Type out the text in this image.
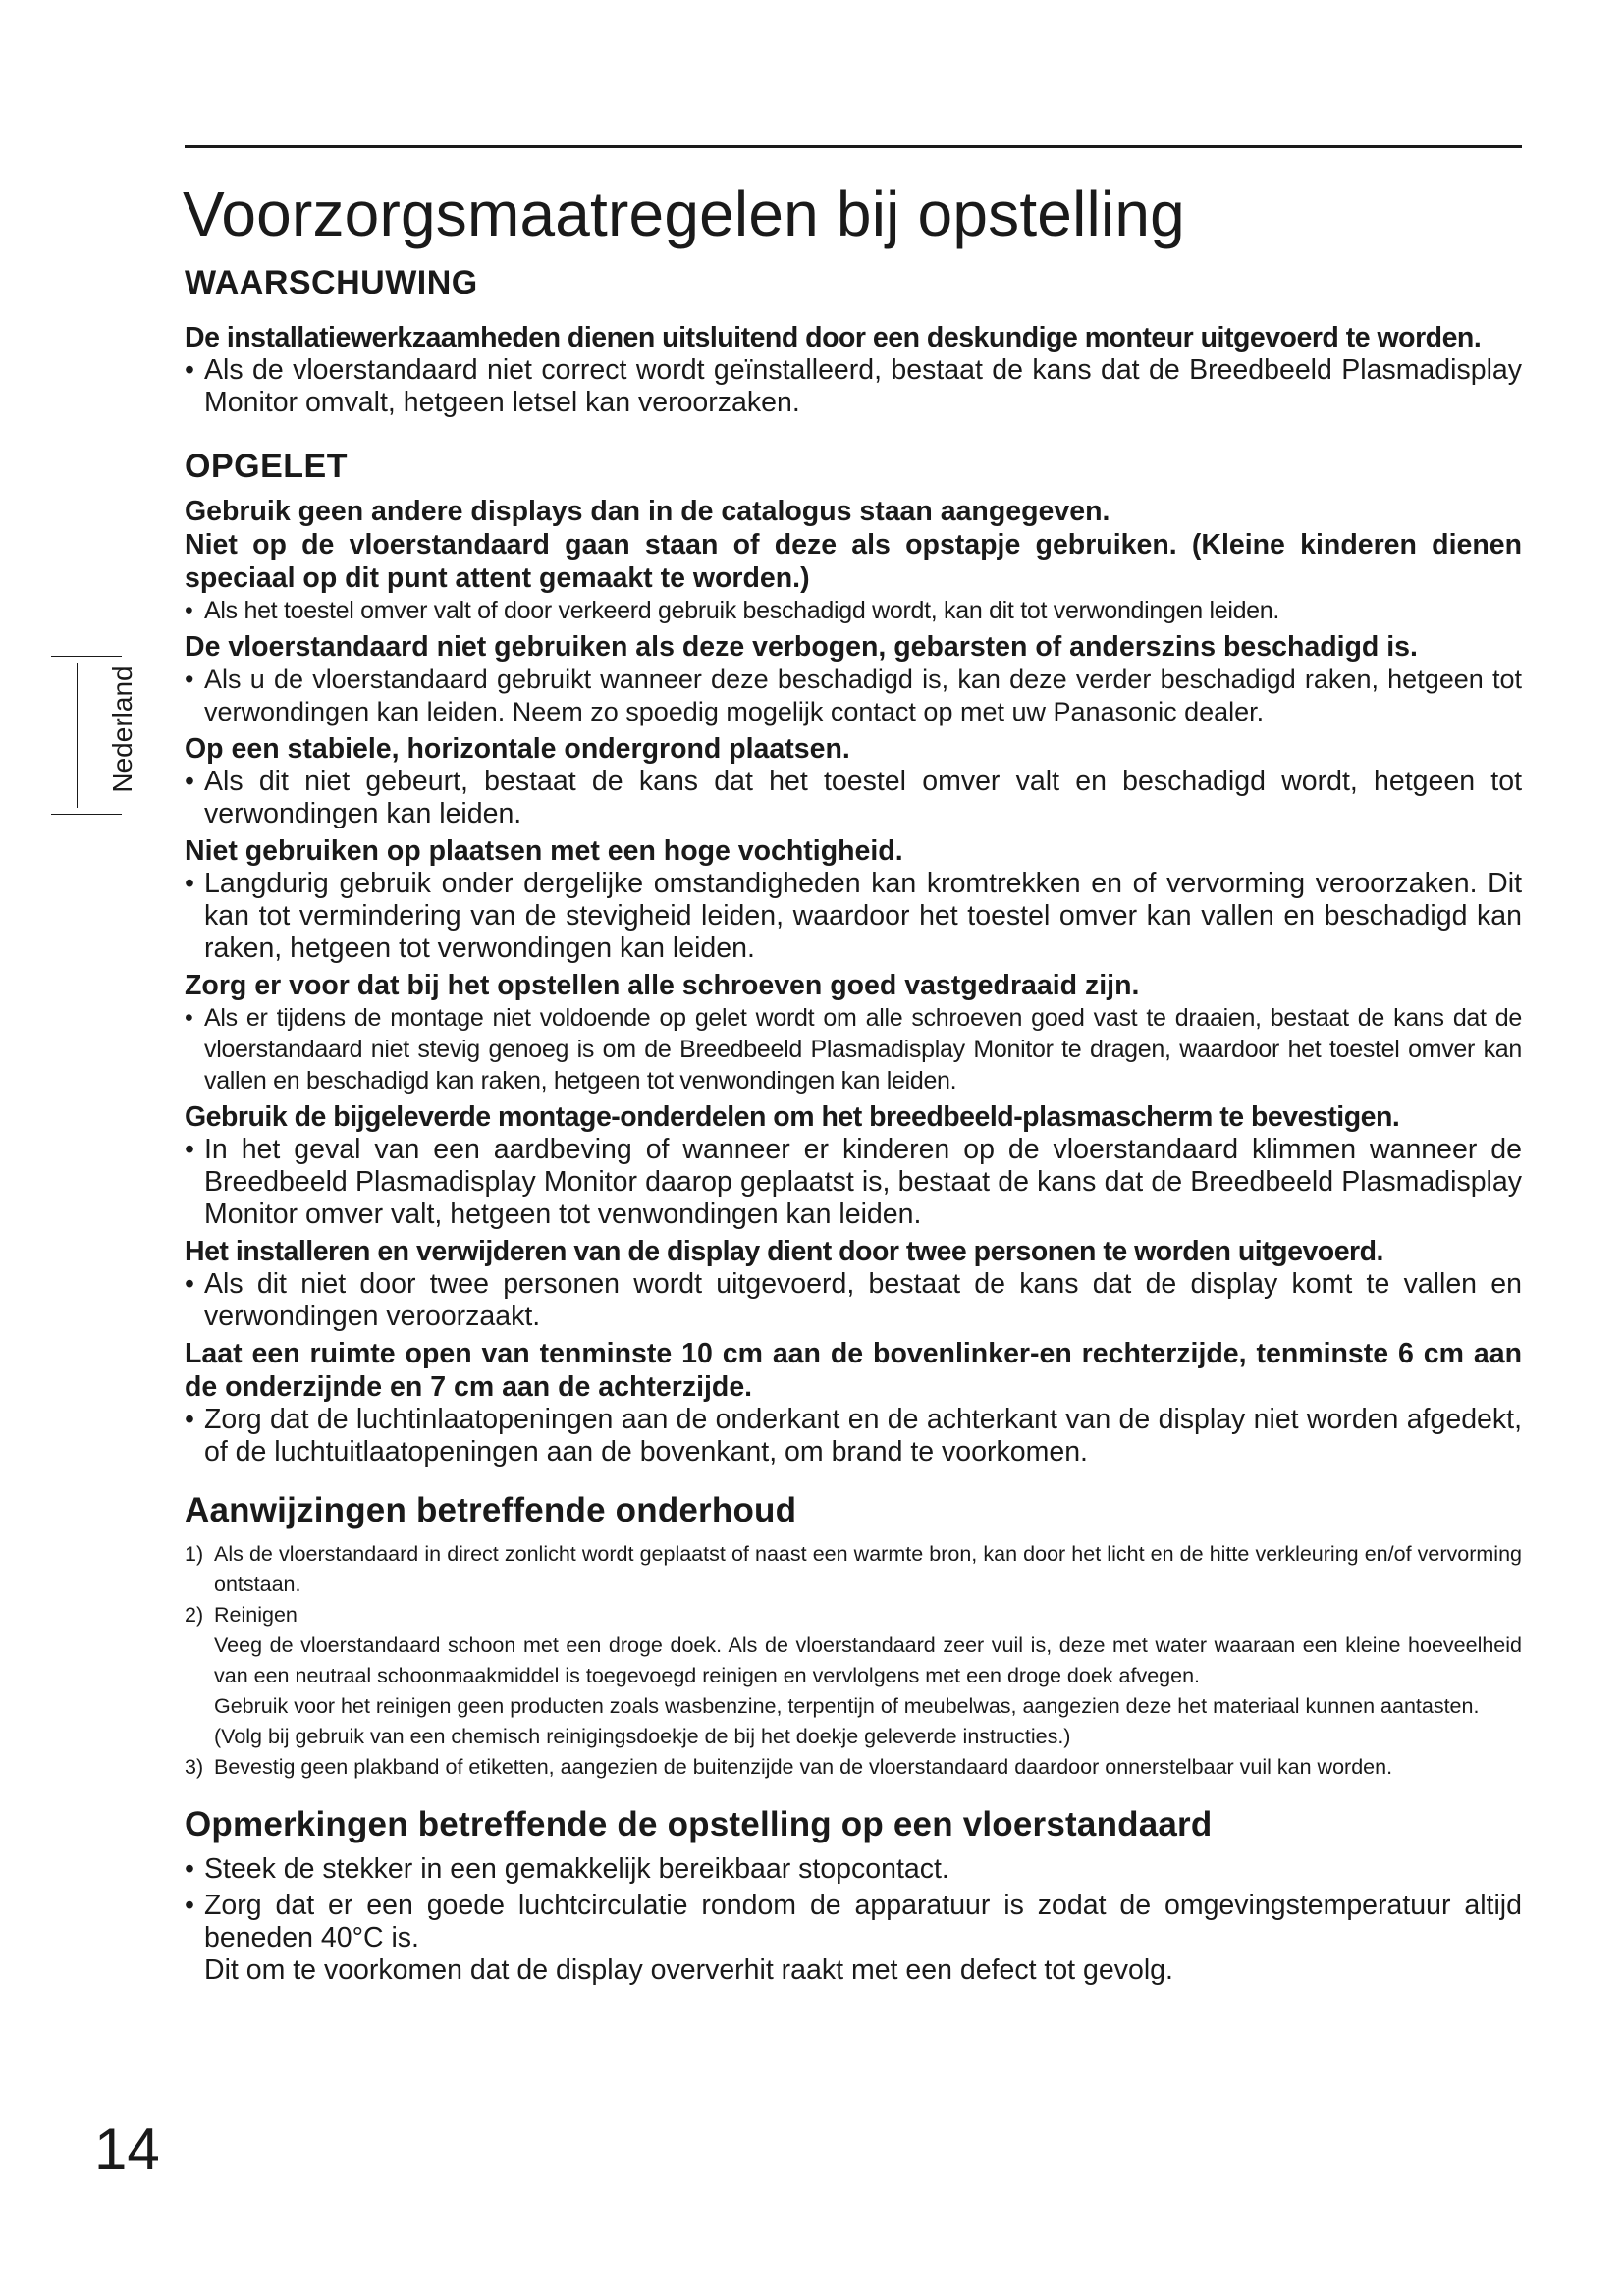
Voorzorgsmaatregelen bij opstelling
Nederland
WAARSCHUWING

De installatiewerkzaamheden dienen uitsluitend door een deskundige monteur uitgevoerd te worden.

• Als de vloerstandaard niet correct wordt geïnstalleerd, bestaat de kans dat de Breedbeeld Plasmadisplay Monitor omvalt, hetgeen letsel kan veroorzaken.

OPGELET

Gebruik geen andere displays dan in de catalogus staan aangegeven.
Niet op de vloerstandaard gaan staan of deze als opstapje gebruiken. (Kleine kinderen dienen speciaal op dit punt attent gemaakt te worden.)

• Als het toestel omver valt of door verkeerd gebruik beschadigd wordt, kan dit tot verwondingen leiden.

De vloerstandaard niet gebruiken als deze verbogen, gebarsten of anderszins beschadigd is.

• Als u de vloerstandaard gebruikt wanneer deze beschadigd is, kan deze verder beschadigd raken, hetgeen tot verwondingen kan leiden. Neem zo spoedig mogelijk contact op met uw Panasonic dealer.

Op een stabiele, horizontale ondergrond plaatsen.

• Als dit niet gebeurt, bestaat de kans dat het toestel omver valt en beschadigd wordt, hetgeen tot verwondingen kan leiden.

Niet gebruiken op plaatsen met een hoge vochtigheid.

• Langdurig gebruik onder dergelijke omstandigheden kan kromtrekken en of vervorming veroorzaken. Dit kan tot vermindering van de stevigheid leiden, waardoor het toestel omver kan vallen en beschadigd kan raken, hetgeen tot verwondingen kan leiden.

Zorg er voor dat bij het opstellen alle schroeven goed vastgedraaid zijn.

• Als er tijdens de montage niet voldoende op gelet wordt om alle schroeven goed vast te draaien, bestaat de kans dat de vloerstandaard niet stevig genoeg is om de Breedbeeld Plasmadisplay Monitor te dragen, waardoor het toestel omver kan vallen en beschadigd kan raken, hetgeen tot venwondingen kan leiden.

Gebruik de bijgeleverde montage-onderdelen om het breedbeeld-plasmascherm te bevestigen.

• In het geval van een aardbeving of wanneer er kinderen op de vloerstandaard klimmen wanneer de Breedbeeld Plasmadisplay Monitor daarop geplaatst is, bestaat de kans dat de Breedbeeld Plasmadisplay Monitor omver valt, hetgeen tot venwondingen kan leiden.

Het installeren en verwijderen van de display dient door twee personen te worden uitgevoerd.

• Als dit niet door twee personen wordt uitgevoerd, bestaat de kans dat de display komt te vallen en verwondingen veroorzaakt.

Laat een ruimte open van tenminste 10 cm aan de bovenlinker-en rechterzijde, tenminste 6 cm aan de onderzijnde en 7 cm aan de achterzijde.

• Zorg dat de luchtinlaatopeningen aan de onderkant en de achterkant van de display niet worden afgedekt, of de luchtuitlaatopeningen aan de bovenkant, om brand te voorkomen.

Aanwijzingen betreffende onderhoud
1) Als de vloerstandaard in direct zonlicht wordt geplaatst of naast een warmte bron, kan door het licht en de hitte verkleuring en/of vervorming ontstaan.
2) Reinigen

Veeg de vloerstandaard schoon met een droge doek. Als de vloerstandaard zeer vuil is, deze met water waaraan een kleine hoeveelheid van een neutraal schoonmaakmiddel is toegevoegd reinigen en vervlolgens met een droge doek afvegen.

Gebruik voor het reinigen geen producten zoals wasbenzine, terpentijn of meubelwas, aangezien deze het materiaal kunnen aantasten.

(Volg bij gebruik van een chemisch reinigingsdoekje de bij het doekje geleverde instructies.)

3) Bevestig geen plakband of etiketten, aangezien de buitenzijde van de vloerstandaard daardoor onnerstelbaar vuil kan worden.
Opmerkingen betreffende de opstelling op een vloerstandaard

• Steek de stekker in een gemakkelijk bereikbaar stopcontact.

• Zorg dat er een goede luchtcirculatie rondom de apparatuur is zodat de omgevingstemperatuur altijd beneden 40°C is.

Dit om te voorkomen dat de display oververhit raakt met een defect tot gevolg.

14
